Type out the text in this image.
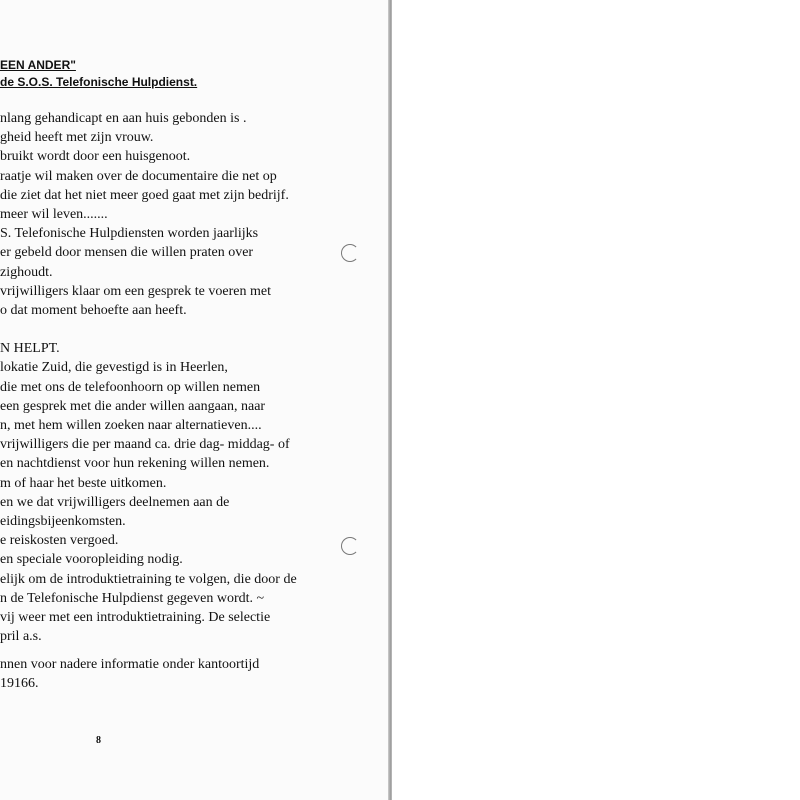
EEN ANDER"
de S.O.S. Telefonische Hulpdienst.
nlang gehandicapt en aan huis gebonden is .
gheid heeft met zijn vrouw.
bruikt wordt door een huisgenoot.
raatje wil maken over de documentaire die net op
die ziet dat het niet meer goed gaat met zijn bedrijf.
meer wil leven.......
S. Telefonische Hulpdiensten worden jaarlijks
er gebeld door mensen die willen praten over
zighoudt.
vrijwilligers klaar om een gesprek te voeren met
o dat moment behoefte aan heeft.
N HELPT.
lokatie Zuid, die gevestigd is in Heerlen,
die met ons de telefoonhoorn op willen nemen
een gesprek met die ander willen aangaan, naar
n, met hem willen zoeken naar alternatieven....
vrijwilligers die per maand ca. drie dag- middag- of
en nachtdienst voor hun rekening willen nemen.
m of haar het beste uitkomen.
en we dat vrijwilligers deelnemen aan de
eidingsbijeenkomsten.
e reiskosten vergoed.
en speciale vooropleiding nodig.
elijk om de introduktietraining te volgen, die door de
n de Telefonische Hulpdienst gegeven wordt. ~
vij weer met een introduktietraining. De selectie
pril a.s.
nnen voor nadere informatie onder kantoortijd
19166.
8
